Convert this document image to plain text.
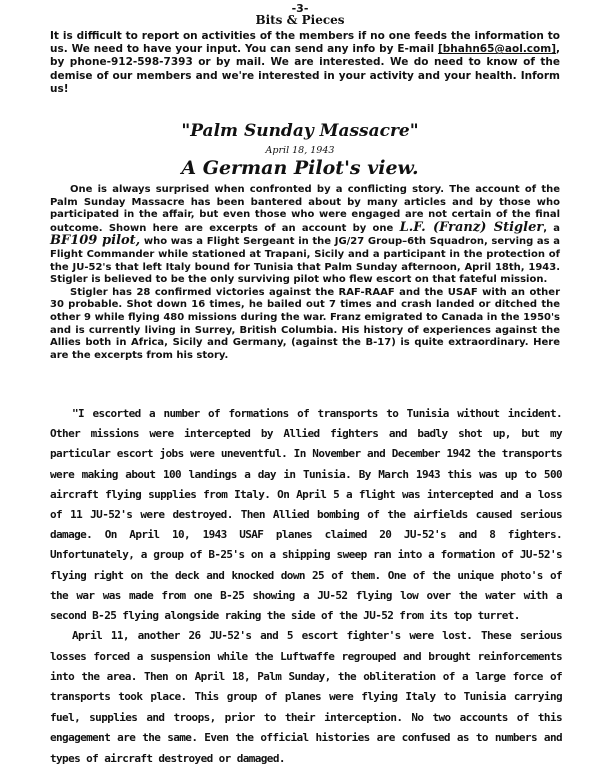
-3-
Bits & Pieces
It is difficult to report on activities of the members if no one feeds the information to us. We need to have your input. You can send any info by E-mail [bhahn65@aol.com], by phone-912-598-7393 or by mail. We are interested. We do need to know of the demise of our members and we're interested in your activity and your health. Inform us!
"Palm Sunday Massacre"
April 18, 1943
A German Pilot's view.

One is always surprised when confronted by a conflicting story. The account of the Palm Sunday Massacre has been bantered about by many articles and by those who participated in the affair, but even those who were engaged are not certain of the final outcome. Shown here are excerpts of an account by one L.F. (Franz) Stigler, a BF109 pilot, who was a Flight Sergeant in the JG/27 Group–6th Squadron, serving as a Flight Commander while stationed at Trapani, Sicily and a participant in the protection of the JU-52's that left Italy bound for Tunisia that Palm Sunday afternoon, April 18th, 1943. Stigler is believed to be the only surviving pilot who flew escort on that fateful mission.

Stigler has 28 confirmed victories against the RAF-RAAF and the USAF with an other 30 probable. Shot down 16 times, he bailed out 7 times and crash landed or ditched the other 9 while flying 480 missions during the war. Franz emigrated to Canada in the 1950's and is currently living in Surrey, British Columbia. His history of experiences against the Allies both in Africa, Sicily and Germany, (against the B-17) is quite extraordinary. Here are the excerpts from his story.

"I escorted a number of formations of transports to Tunisia without incident. Other missions were intercepted by Allied fighters and badly shot up, but my particular escort jobs were uneventful. In November and December 1942 the transports were making about 100 landings a day in Tunisia. By March 1943 this was up to 500 aircraft flying supplies from Italy. On April 5 a flight was intercepted and a loss of 11 JU-52's were destroyed. Then Allied bombing of the airfields caused serious damage. On April 10, 1943 USAF planes claimed 20 JU-52's and 8 fighters. Unfortunately, a group of B-25's on a shipping sweep ran into a formation of JU-52's flying right on the deck and knocked down 25 of them. One of the unique photo's of the war was made from one B-25 showing a JU-52 flying low over the water with a second B-25 flying alongside raking the side of the JU-52 from its top turret.

April 11, another 26 JU-52's and 5 escort fighter's were lost. These serious losses forced a suspension while the Luftwaffe regrouped and brought reinforcements into the area. Then on April 18, Palm Sunday, the obliteration of a large force of transports took place. This group of planes were flying Italy to Tunisia carrying fuel, supplies and troops, prior to their interception. No two accounts of this engagement are the same. Even the official histories are confused as to numbers and types of aircraft destroyed or damaged.
